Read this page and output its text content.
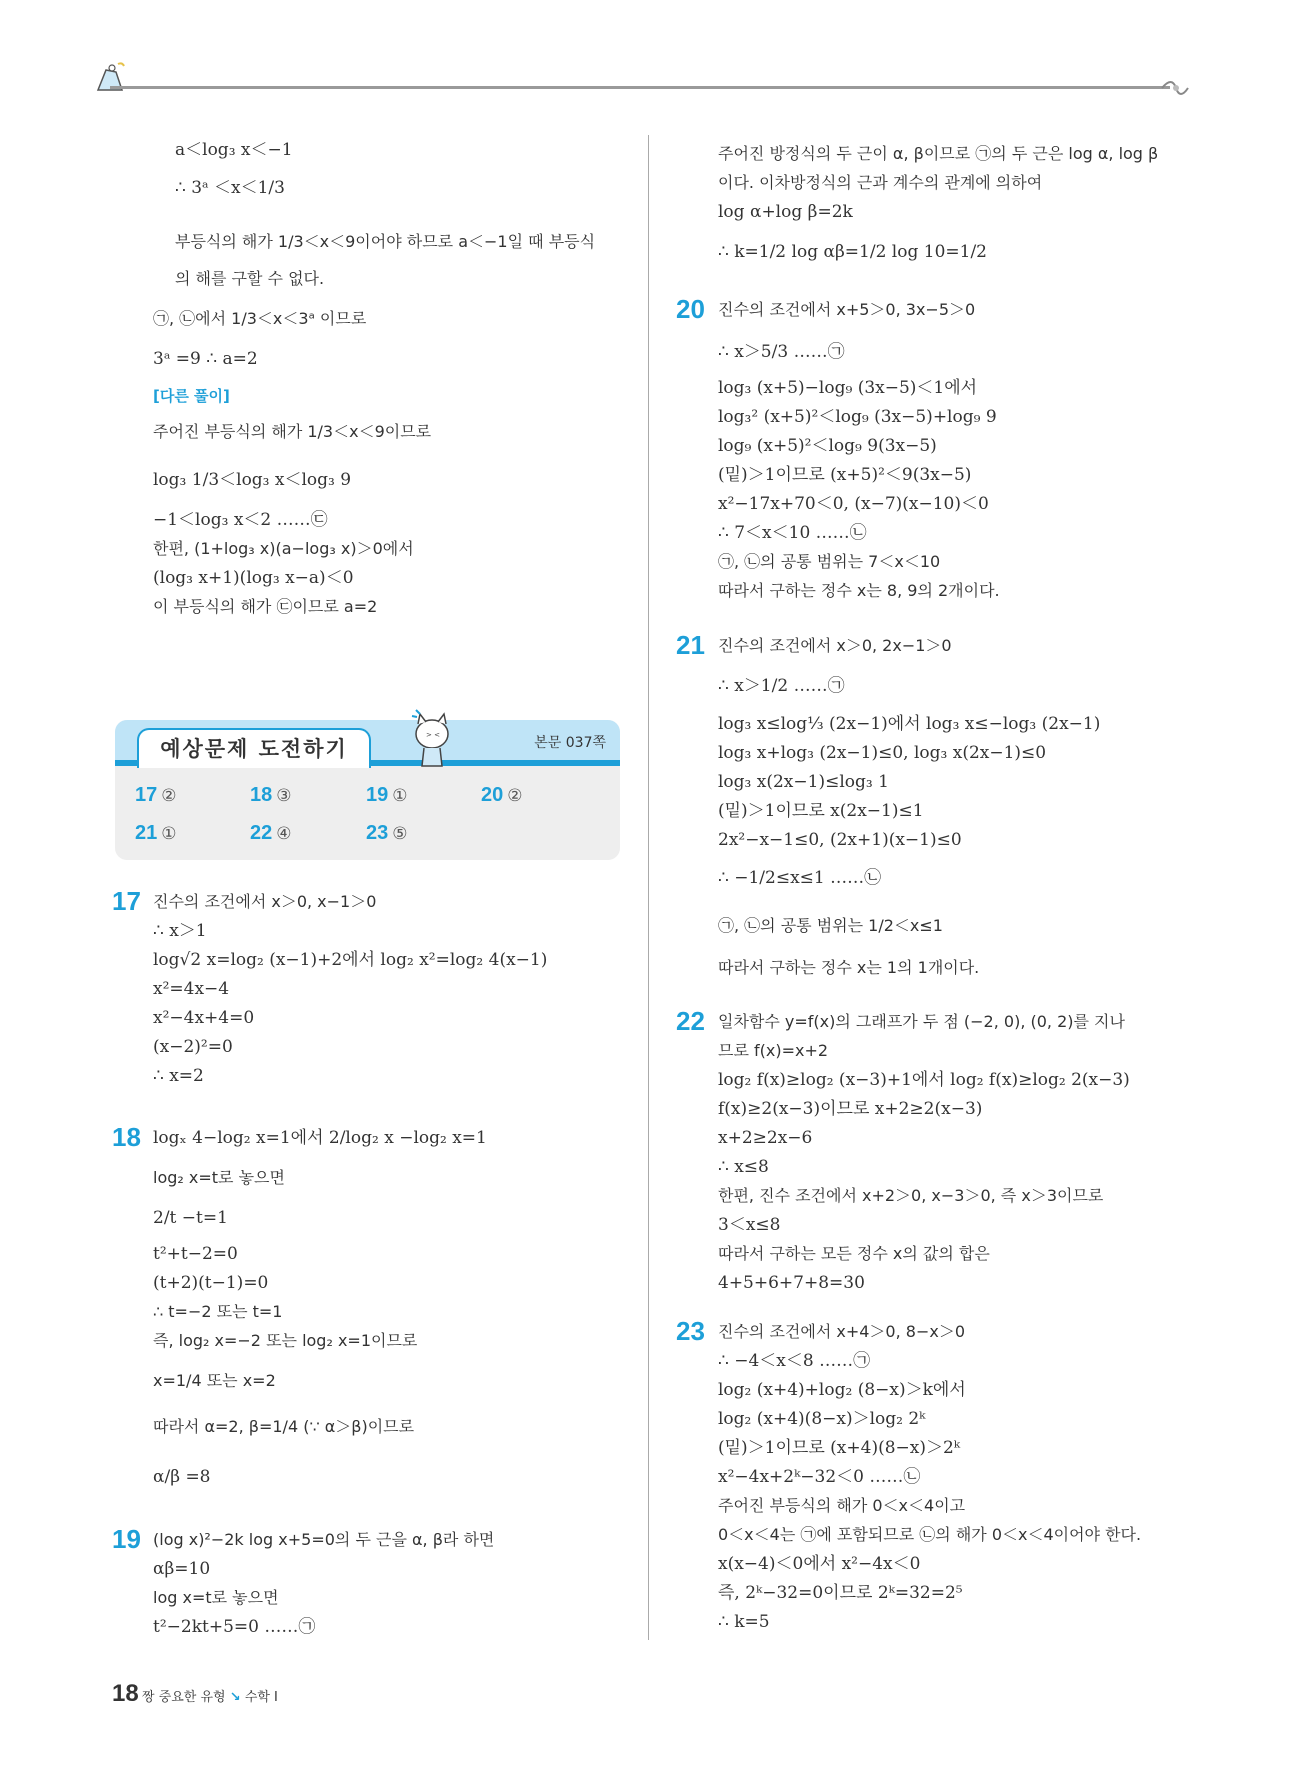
a＜log₃ x＜−1
∴ 3ᵃ ＜x＜1/3
부등식의 해가 1/3＜x＜9이어야 하므로 a＜−1일 때 부등식
의 해를 구할 수 없다.
㉠, ㉡에서 1/3＜x＜3ᵃ 이므로
3ᵃ =9 ∴ a=2
[다른 풀이]
주어진 부등식의 해가 1/3＜x＜9이므로
log₃ 1/3＜log₃ x＜log₃ 9
−1＜log₃ x＜2 ……㉢
한편, (1+log₃ x)(a−log₃ x)＞0에서
(log₃ x+1)(log₃ x−a)＜0
이 부등식의 해가 ㉢이므로 a=2
예상문제 도전하기	본문 037쪽
17 ②	18 ③	19 ①	20 ②
21 ①	22 ④	23 ⑤
> <
17 진수의 조건에서 x＞0, x−1＞0
∴ x＞1
log√2 x=log₂ (x−1)+2에서 log₂ x²=log₂ 4(x−1)
x²=4x−4
x²−4x+4=0
(x−2)²=0
∴ x=2
18 logₓ 4−log₂ x=1에서 2/log₂ x −log₂ x=1
log₂ x=t로 놓으면
2/t −t=1
t²+t−2=0
(t+2)(t−1)=0
∴ t=−2 또는 t=1
즉, log₂ x=−2 또는 log₂ x=1이므로
x=1/4 또는 x=2
따라서 α=2, β=1/4 (∵ α＞β)이므로
α/β =8
19 (log x)²−2k log x+5=0의 두 근을 α, β라 하면
αβ=10
log x=t로 놓으면
t²−2kt+5=0 ……㉠
주어진 방정식의 두 근이 α, β이므로 ㉠의 두 근은 log α, log β
이다. 이차방정식의 근과 계수의 관계에 의하여
log α+log β=2k
∴ k=1/2 log αβ=1/2 log 10=1/2
20 진수의 조건에서 x+5＞0, 3x−5＞0
∴ x＞5/3 ……㉠
log₃ (x+5)−log₉ (3x−5)＜1에서
log₃² (x+5)²＜log₉ (3x−5)+log₉ 9
log₉ (x+5)²＜log₉ 9(3x−5)
(밑)＞1이므로 (x+5)²＜9(3x−5)
x²−17x+70＜0, (x−7)(x−10)＜0
∴ 7＜x＜10 ……㉡
㉠, ㉡의 공통 범위는 7＜x＜10
따라서 구하는 정수 x는 8, 9의 2개이다.
21 진수의 조건에서 x＞0, 2x−1＞0
∴ x＞1/2 ……㉠
log₃ x≤log⅓ (2x−1)에서 log₃ x≤−log₃ (2x−1)
log₃ x+log₃ (2x−1)≤0, log₃ x(2x−1)≤0
log₃ x(2x−1)≤log₃ 1
(밑)＞1이므로 x(2x−1)≤1
2x²−x−1≤0, (2x+1)(x−1)≤0
∴ −1/2≤x≤1 ……㉡
㉠, ㉡의 공통 범위는 1/2＜x≤1
따라서 구하는 정수 x는 1의 1개이다.
22 일차함수 y=f(x)의 그래프가 두 점 (−2, 0), (0, 2)를 지나
므로 f(x)=x+2
log₂ f(x)≥log₂ (x−3)+1에서 log₂ f(x)≥log₂ 2(x−3)
f(x)≥2(x−3)이므로 x+2≥2(x−3)
x+2≥2x−6
∴ x≤8
한편, 진수 조건에서 x+2＞0, x−3＞0, 즉 x＞3이므로
3＜x≤8
따라서 구하는 모든 정수 x의 값의 합은
4+5+6+7+8=30
23 진수의 조건에서 x+4＞0, 8−x＞0
∴ −4＜x＜8 ……㉠
log₂ (x+4)+log₂ (8−x)＞k에서
log₂ (x+4)(8−x)＞log₂ 2ᵏ
(밑)＞1이므로 (x+4)(8−x)＞2ᵏ
x²−4x+2ᵏ−32＜0 ……㉡
주어진 부등식의 해가 0＜x＜4이고
0＜x＜4는 ㉠에 포함되므로 ㉡의 해가 0＜x＜4이어야 한다.
x(x−4)＜0에서 x²−4x＜0
즉, 2ᵏ−32=0이므로 2ᵏ=32=2⁵
∴ k=5
18 짱 중요한 유형 ↘ 수학 Ⅰ
